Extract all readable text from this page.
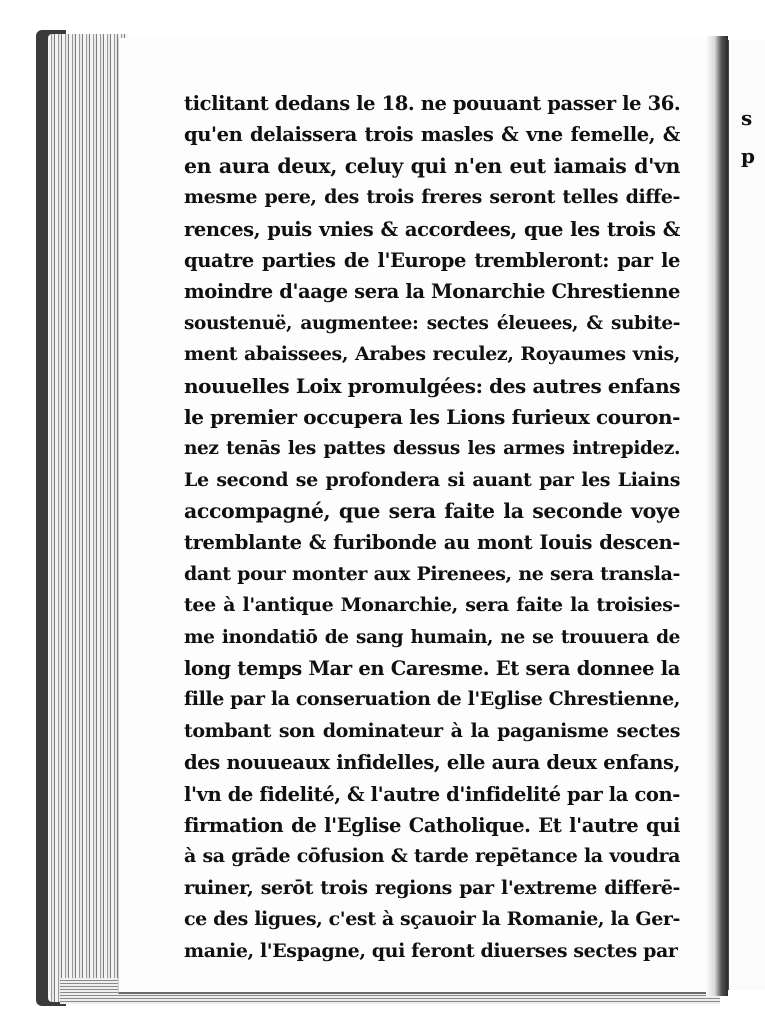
s
p
ticlitant dedans le 18. ne pouuant passer le 36.
qu'en delaissera trois masles & vne femelle, &
en aura deux, celuy qui n'en eut iamais d'vn
mesme pere, des trois freres seront telles diffe-
rences, puis vnies & accordees, que les trois &
quatre parties de l'Europe trembleront: par le
moindre d'aage sera la Monarchie Chrestienne
soustenuë, augmentee: sectes éleuees, & subite-
ment abaissees, Arabes reculez, Royaumes vnis,
nouuelles Loix promulgées: des autres enfans
le premier occupera les Lions furieux couron-
nez tenās les pattes dessus les armes intrepidez.
Le second se profondera si auant par les Liains
accompagné, que sera faite la seconde voye
tremblante & furibonde au mont Iouis descen-
dant pour monter aux Pirenees, ne sera transla-
tee à l'antique Monarchie, sera faite la troisies-
me inondatiō de sang humain, ne se trouuera de
long temps Mar en Caresme. Et sera donnee la
fille par la conseruation de l'Eglise Chrestienne,
tombant son dominateur à la paganisme sectes
des nouueaux infidelles, elle aura deux enfans,
l'vn de fidelité, & l'autre d'infidelité par la con-
firmation de l'Eglise Catholique. Et l'autre qui
à sa grāde cōfusion & tarde repētance la voudra
ruiner, serōt trois regions par l'extreme differē-
ce des ligues, c'est à sçauoir la Romanie, la Ger-
manie, l'Espagne, qui feront diuerses sectes par
